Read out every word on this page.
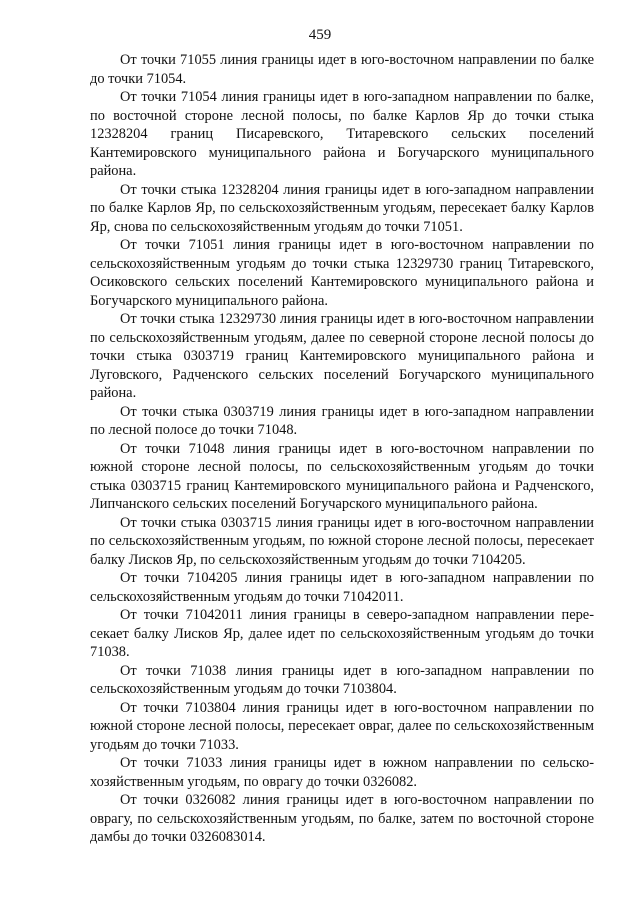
459

От точки 71055 линия границы идет в юго-восточном направлении по балке до точки 71054.

От точки 71054 линия границы идет в юго-западном направлении по балке, по восточной стороне лесной полосы, по балке Карлов Яр до точки стыка 12328204 границ Писаревского, Титаревского сельских поселений Кантемировского муниципального района и Богучарского муниципального района.

От точки стыка 12328204 линия границы идет в юго-западном направлении по балке Карлов Яр, по сельскохозяйственным угодьям, пересекает балку Карлов Яр, снова по сельскохозяйственным угодьям до точки 71051.

От точки 71051 линия границы идет в юго-восточном направлении по сельскохозяйственным угодьям до точки стыка 12329730 границ Титаревского, Осиковского сельских поселений Кантемировского муниципального района и Богучарского муниципального района.

От точки стыка 12329730 линия границы идет в юго-восточном направлении по сельскохозяйственным угодьям, далее по северной стороне лесной полосы до точки стыка 0303719 границ Кантемировского муниципального района и Луговского, Радченского сельских поселений Богучарского муниципального района.

От точки стыка 0303719 линия границы идет в юго-западном направлении по лесной полосе до точки 71048.

От точки 71048 линия границы идет в юго-восточном направлении по южной стороне лесной полосы, по сельскохозяйственным угодьям до точки стыка 0303715 границ Кантемировского муниципального района и Радченского, Липчанского сельских поселений Богучарского муниципального района.

От точки стыка 0303715 линия границы идет в юго-восточном направлении по сельскохозяйственным угодьям, по южной стороне лесной полосы, пересекает балку Лисков Яр, по сельскохозяйственным угодьям до точки 7104205.

От точки 7104205 линия границы идет в юго-западном направлении по сельскохозяйственным угодьям до точки 71042011.

От точки 71042011 линия границы в северо-западном направлении пересекает балку Лисков Яр, далее идет по сельскохозяйственным угодьям до точки 71038.

От точки 71038 линия границы идет в юго-западном направлении по сельскохозяйственным угодьям до точки 7103804.

От точки 7103804 линия границы идет в юго-восточном направлении по южной стороне лесной полосы, пересекает овраг, далее по сельскохозяйственным угодьям до точки 71033.

От точки 71033 линия границы идет в южном направлении по сельскохозяйственным угодьям, по оврагу до точки 0326082.

От точки 0326082 линия границы идет в юго-восточном направлении по оврагу, по сельскохозяйственным угодьям, по балке, затем по восточной стороне дамбы до точки 0326083014.
